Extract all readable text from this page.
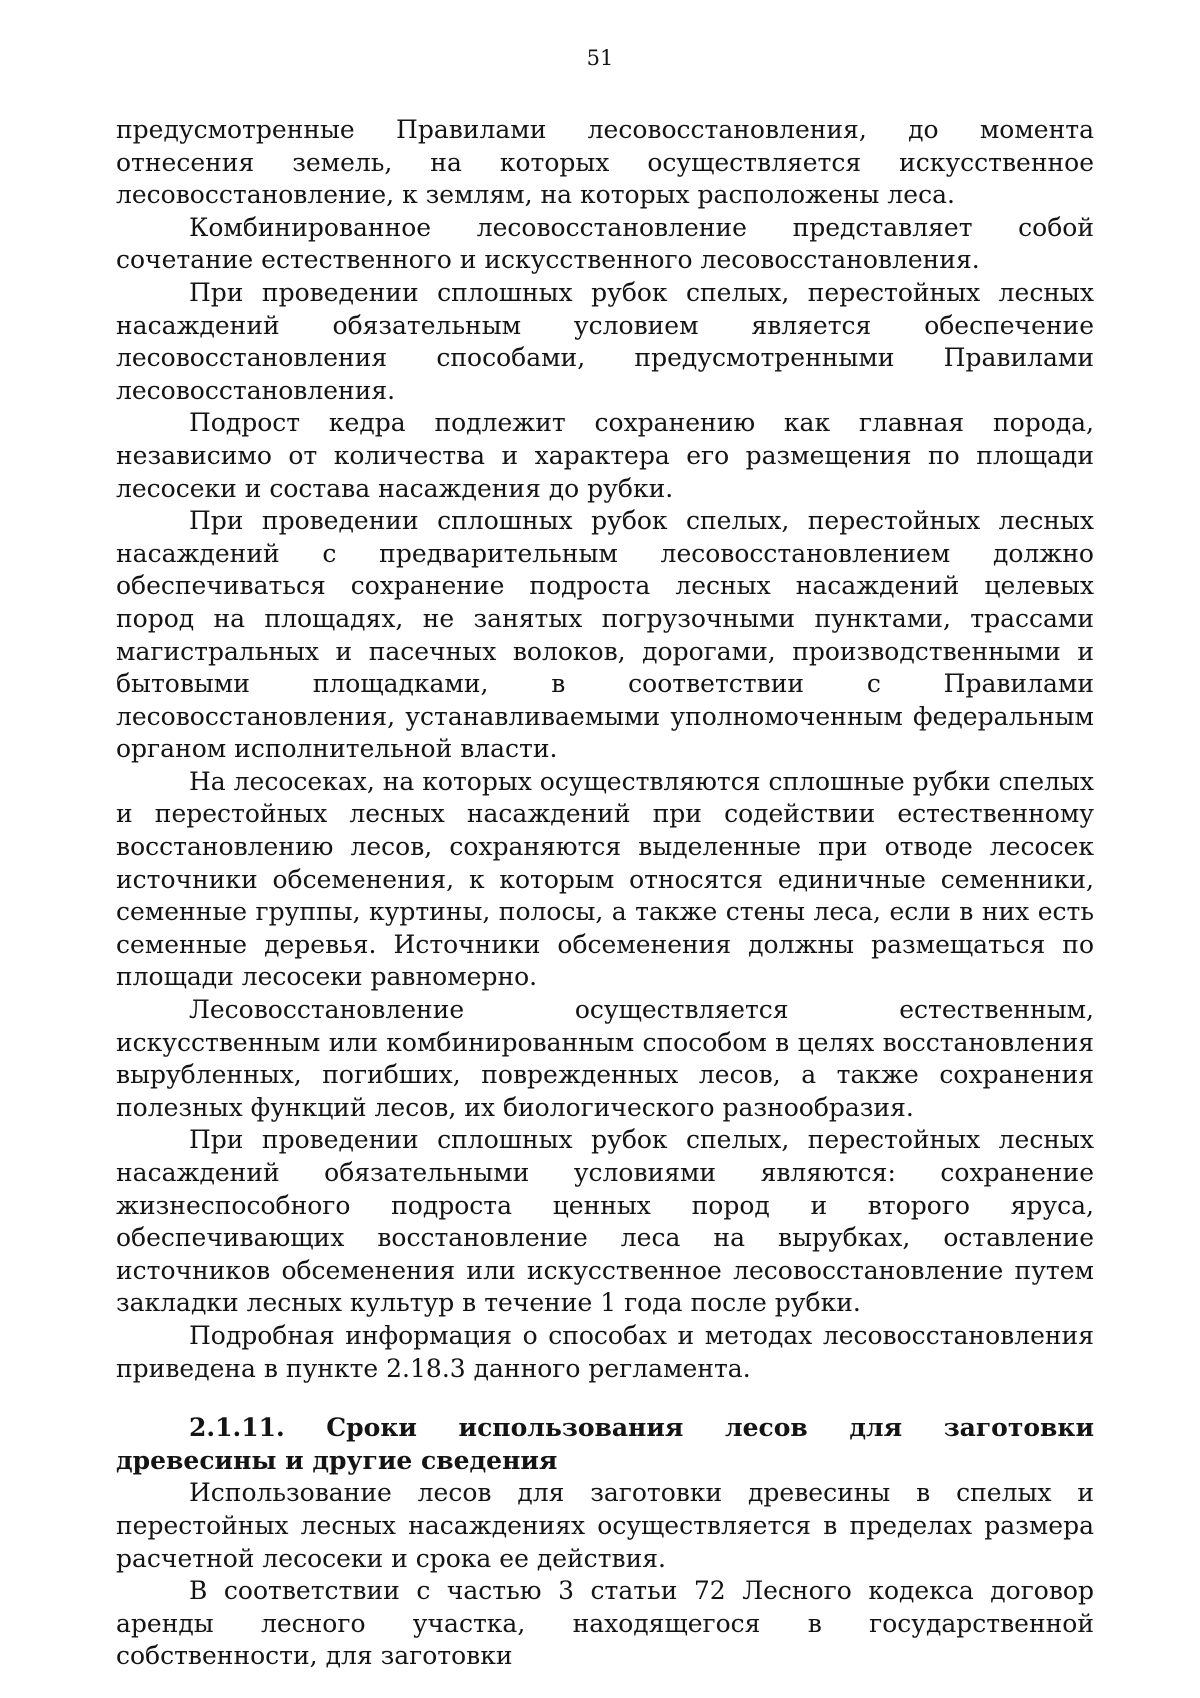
51

предусмотренные Правилами лесовосстановления, до момента отнесения земель, на которых осуществляется искусственное лесовосстановление, к землям, на которых расположены леса.

Комбинированное лесовосстановление представляет собой сочетание естественного и искусственного лесовосстановления.

При проведении сплошных рубок спелых, перестойных лесных насаждений обязательным условием является обеспечение лесовосстановления способами, предусмотренными Правилами лесовосстановления.

Подрост кедра подлежит сохранению как главная порода, независимо от количества и характера его размещения по площади лесосеки и состава насаждения до рубки.

При проведении сплошных рубок спелых, перестойных лесных насаждений с предварительным лесовосстановлением должно обеспечиваться сохранение подроста лесных насаждений целевых пород на площадях, не занятых погрузочными пунктами, трассами магистральных и пасечных волоков, дорогами, производственными и бытовыми площадками, в соответствии с Правилами лесовосстановления, устанавливаемыми уполномоченным федеральным органом исполнительной власти.

На лесосеках, на которых осуществляются сплошные рубки спелых и перестойных лесных насаждений при содействии естественному восстановлению лесов, сохраняются выделенные при отводе лесосек источники обсеменения, к которым относятся единичные семенники, семенные группы, куртины, полосы, а также стены леса, если в них есть семенные деревья. Источники обсеменения должны размещаться по площади лесосеки равномерно.

Лесовосстановление осуществляется естественным, искусственным или комбинированным способом в целях восстановления вырубленных, погибших, поврежденных лесов, а также сохранения полезных функций лесов, их биологического разнообразия.

При проведении сплошных рубок спелых, перестойных лесных насаждений обязательными условиями являются: сохранение жизнеспособного подроста ценных пород и второго яруса, обеспечивающих восстановление леса на вырубках, оставление источников обсеменения или искусственное лесовосстановление путем закладки лесных культур в течение 1 года после рубки.

Подробная информация о способах и методах лесовосстановления приведена в пункте 2.18.3 данного регламента.

2.1.11. Сроки использования лесов для заготовки древесины и другие сведения

Использование лесов для заготовки древесины в спелых и перестойных лесных насаждениях осуществляется в пределах размера расчетной лесосеки и срока ее действия.

В соответствии с частью 3 статьи 72 Лесного кодекса договор аренды лесного участка, находящегося в государственной собственности, для заготовки
